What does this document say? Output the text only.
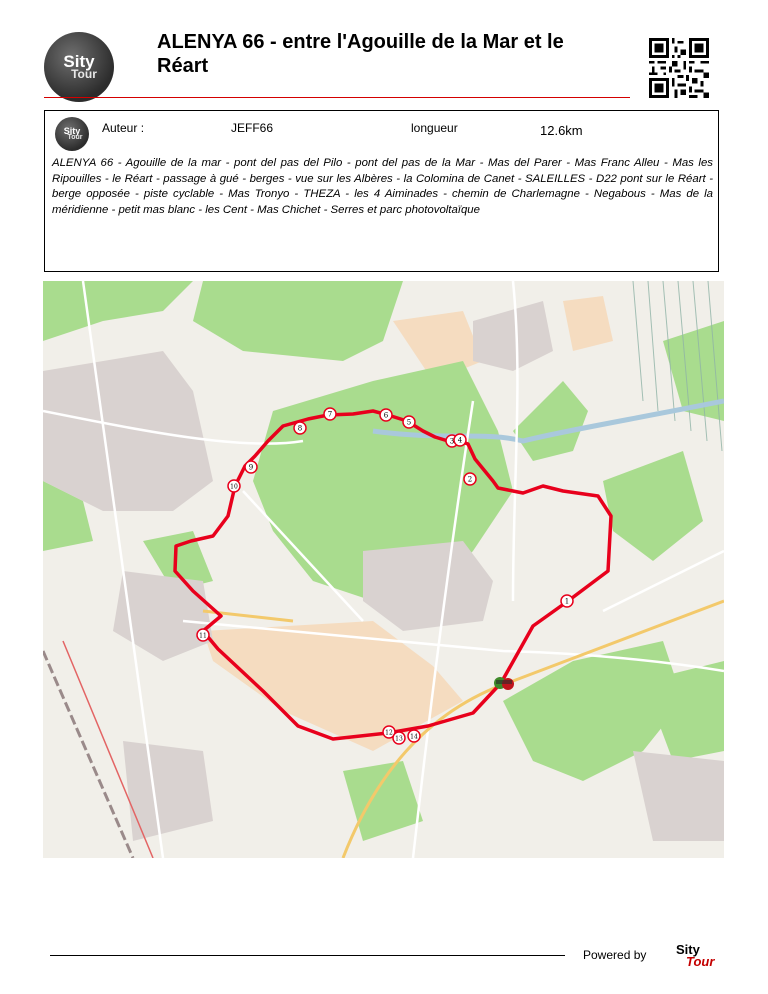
Sity
Tour
ALENYA 66 - entre l'Agouille de la Mar et le Réart
Sity
Tour
Auteur :	JEFF66	longueur	12.6km
ALENYA 66 - Agouille de la mar - pont del pas del Pilo - pont del pas de la Mar - Mas del Parer - Mas Franc Alleu - Mas les Ripouilles - le Réart - passage à gué - berges - vue sur les Albères - la Colomina de Canet - SALEILLES - D22 pont sur le Réart - berge opposée - piste cyclable - Mas Tronyo - THEZA - les 4 Aiminades - chemin de Charlemagne - Negabous - Mas de la méridienne - petit mas blanc - les Cent - Mas Chichet - Serres et parc photovoltaïque
1
2
3 4
5
6
7
8
9
10
11
12
13 14
Powered by Sity
Tour
